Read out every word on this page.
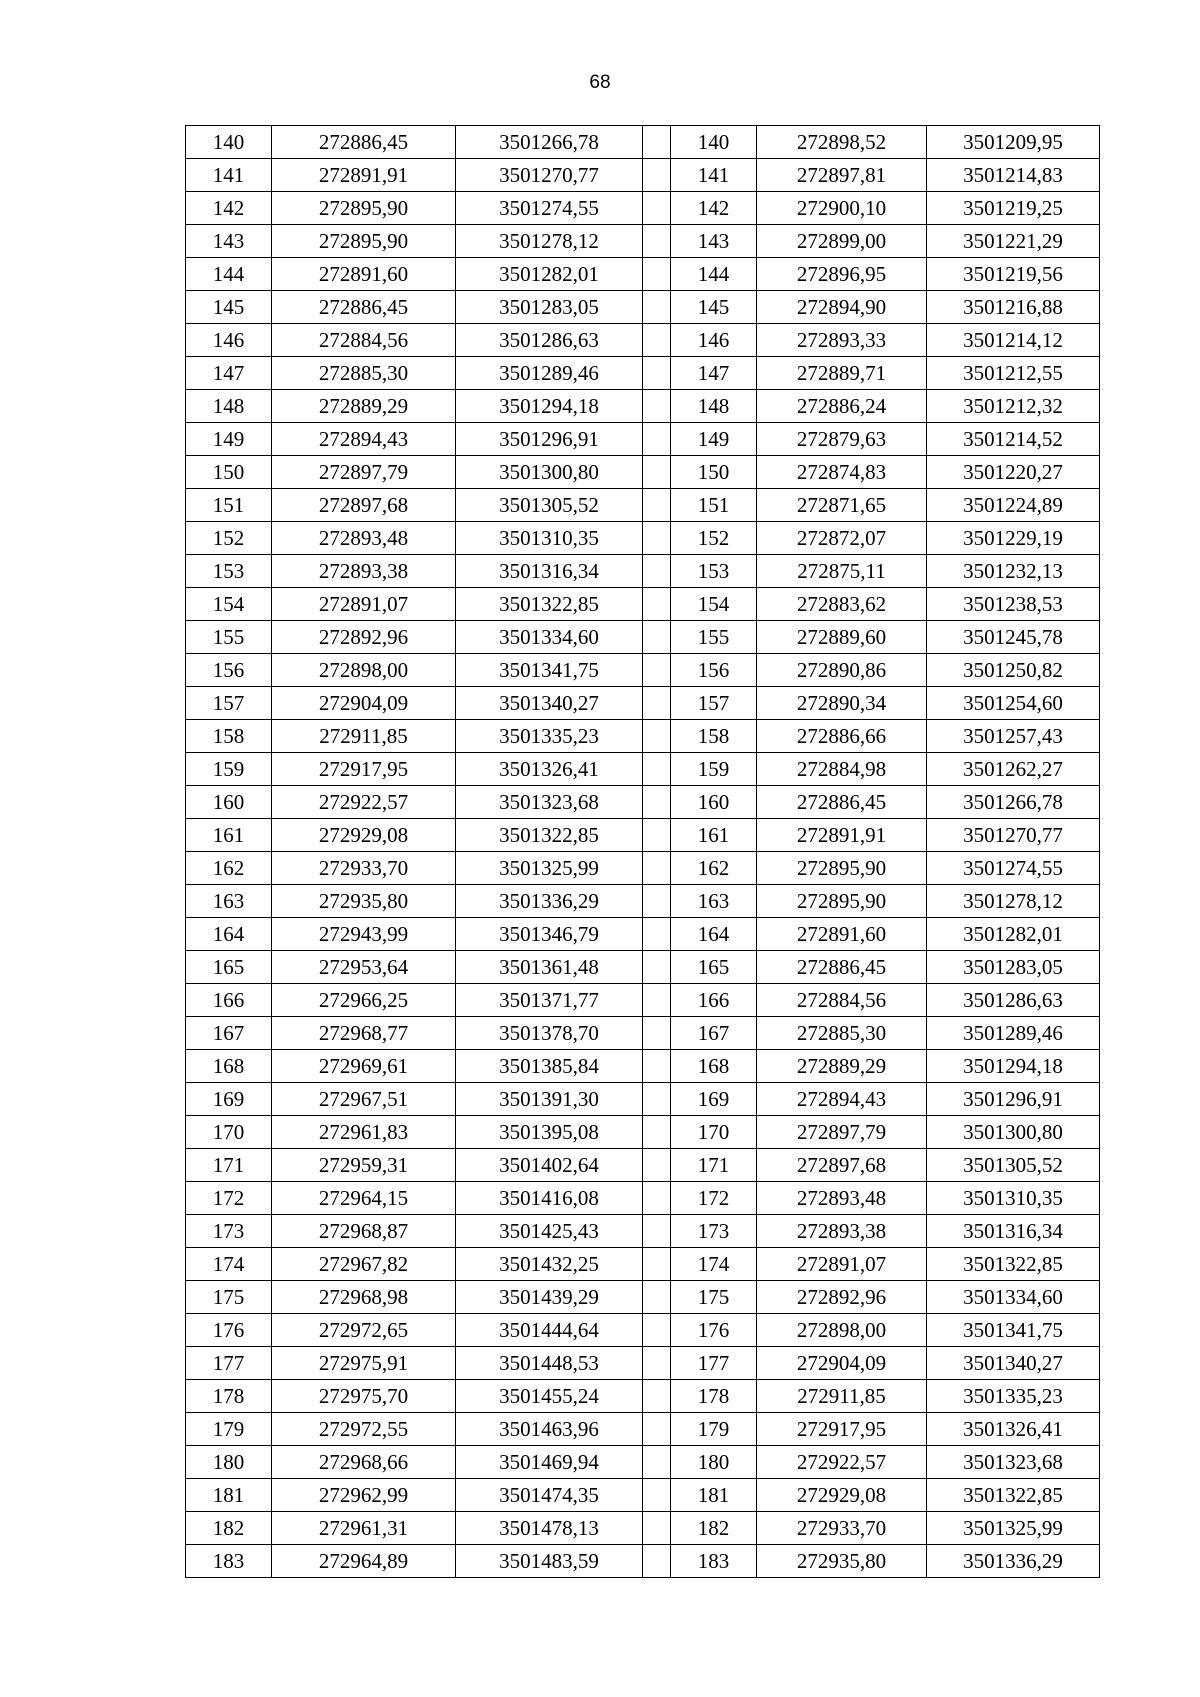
68
140	272886,45	3501266,78		140	272898,52	3501209,95
141	272891,91	3501270,77		141	272897,81	3501214,83
142	272895,90	3501274,55		142	272900,10	3501219,25
143	272895,90	3501278,12		143	272899,00	3501221,29
144	272891,60	3501282,01		144	272896,95	3501219,56
145	272886,45	3501283,05		145	272894,90	3501216,88
146	272884,56	3501286,63		146	272893,33	3501214,12
147	272885,30	3501289,46		147	272889,71	3501212,55
148	272889,29	3501294,18		148	272886,24	3501212,32
149	272894,43	3501296,91		149	272879,63	3501214,52
150	272897,79	3501300,80		150	272874,83	3501220,27
151	272897,68	3501305,52		151	272871,65	3501224,89
152	272893,48	3501310,35		152	272872,07	3501229,19
153	272893,38	3501316,34		153	272875,11	3501232,13
154	272891,07	3501322,85		154	272883,62	3501238,53
155	272892,96	3501334,60		155	272889,60	3501245,78
156	272898,00	3501341,75		156	272890,86	3501250,82
157	272904,09	3501340,27		157	272890,34	3501254,60
158	272911,85	3501335,23		158	272886,66	3501257,43
159	272917,95	3501326,41		159	272884,98	3501262,27
160	272922,57	3501323,68		160	272886,45	3501266,78
161	272929,08	3501322,85		161	272891,91	3501270,77
162	272933,70	3501325,99		162	272895,90	3501274,55
163	272935,80	3501336,29		163	272895,90	3501278,12
164	272943,99	3501346,79		164	272891,60	3501282,01
165	272953,64	3501361,48		165	272886,45	3501283,05
166	272966,25	3501371,77		166	272884,56	3501286,63
167	272968,77	3501378,70		167	272885,30	3501289,46
168	272969,61	3501385,84		168	272889,29	3501294,18
169	272967,51	3501391,30		169	272894,43	3501296,91
170	272961,83	3501395,08		170	272897,79	3501300,80
171	272959,31	3501402,64		171	272897,68	3501305,52
172	272964,15	3501416,08		172	272893,48	3501310,35
173	272968,87	3501425,43		173	272893,38	3501316,34
174	272967,82	3501432,25		174	272891,07	3501322,85
175	272968,98	3501439,29		175	272892,96	3501334,60
176	272972,65	3501444,64		176	272898,00	3501341,75
177	272975,91	3501448,53		177	272904,09	3501340,27
178	272975,70	3501455,24		178	272911,85	3501335,23
179	272972,55	3501463,96		179	272917,95	3501326,41
180	272968,66	3501469,94		180	272922,57	3501323,68
181	272962,99	3501474,35		181	272929,08	3501322,85
182	272961,31	3501478,13		182	272933,70	3501325,99
183	272964,89	3501483,59		183	272935,80	3501336,29
